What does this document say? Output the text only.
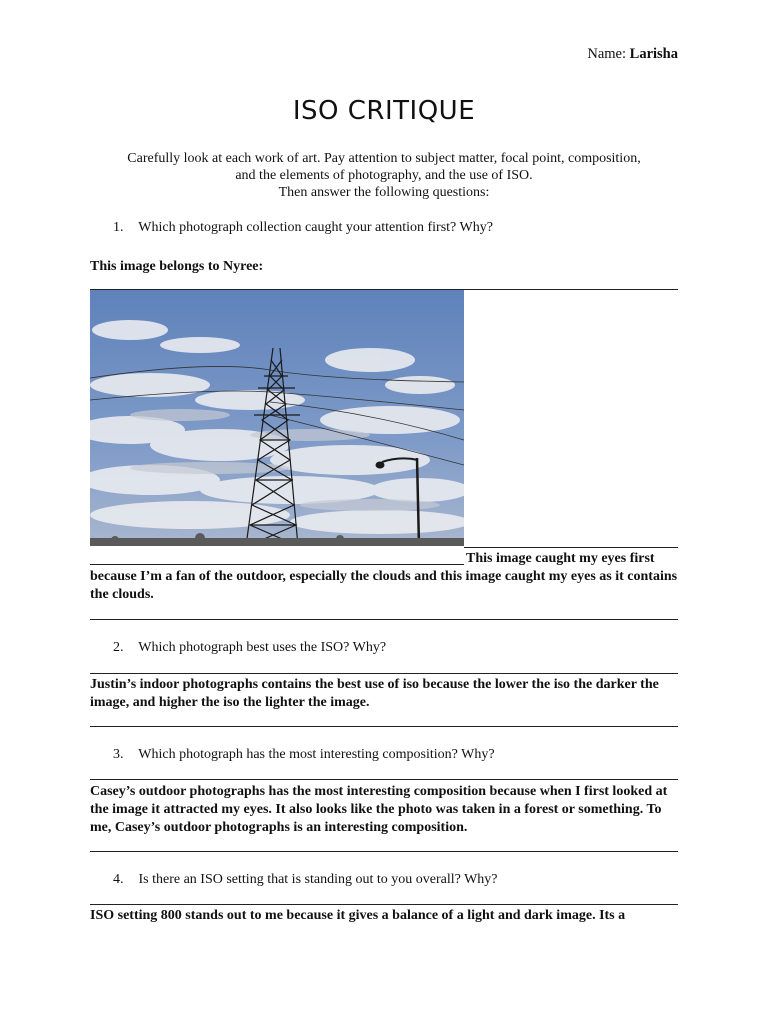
Name: Larisha
ISO CRITIQUE
Carefully look at each work of art. Pay attention to subject matter, focal point, composition,
and the elements of photography, and the use of ISO.
Then answer the following questions:
1. Which photograph collection caught your attention first? Why?
This image belongs to Nyree:
This image caught my eyes first
because I’m a fan of the outdoor, especially the clouds and this image caught my eyes as it contains the clouds.
2. Which photograph best uses the ISO? Why?
Justin’s indoor photographs contains the best use of iso because the lower the iso the darker the image, and higher the iso the lighter the image.
3. Which photograph has the most interesting composition? Why?
Casey’s outdoor photographs has the most interesting composition because when I first looked at the image it attracted my eyes. It also looks like the photo was taken in a forest or something. To me, Casey’s outdoor photographs is an interesting composition.
4. Is there an ISO setting that is standing out to you overall? Why?
ISO setting 800 stands out to me because it gives a balance of a light and dark image. Its a
